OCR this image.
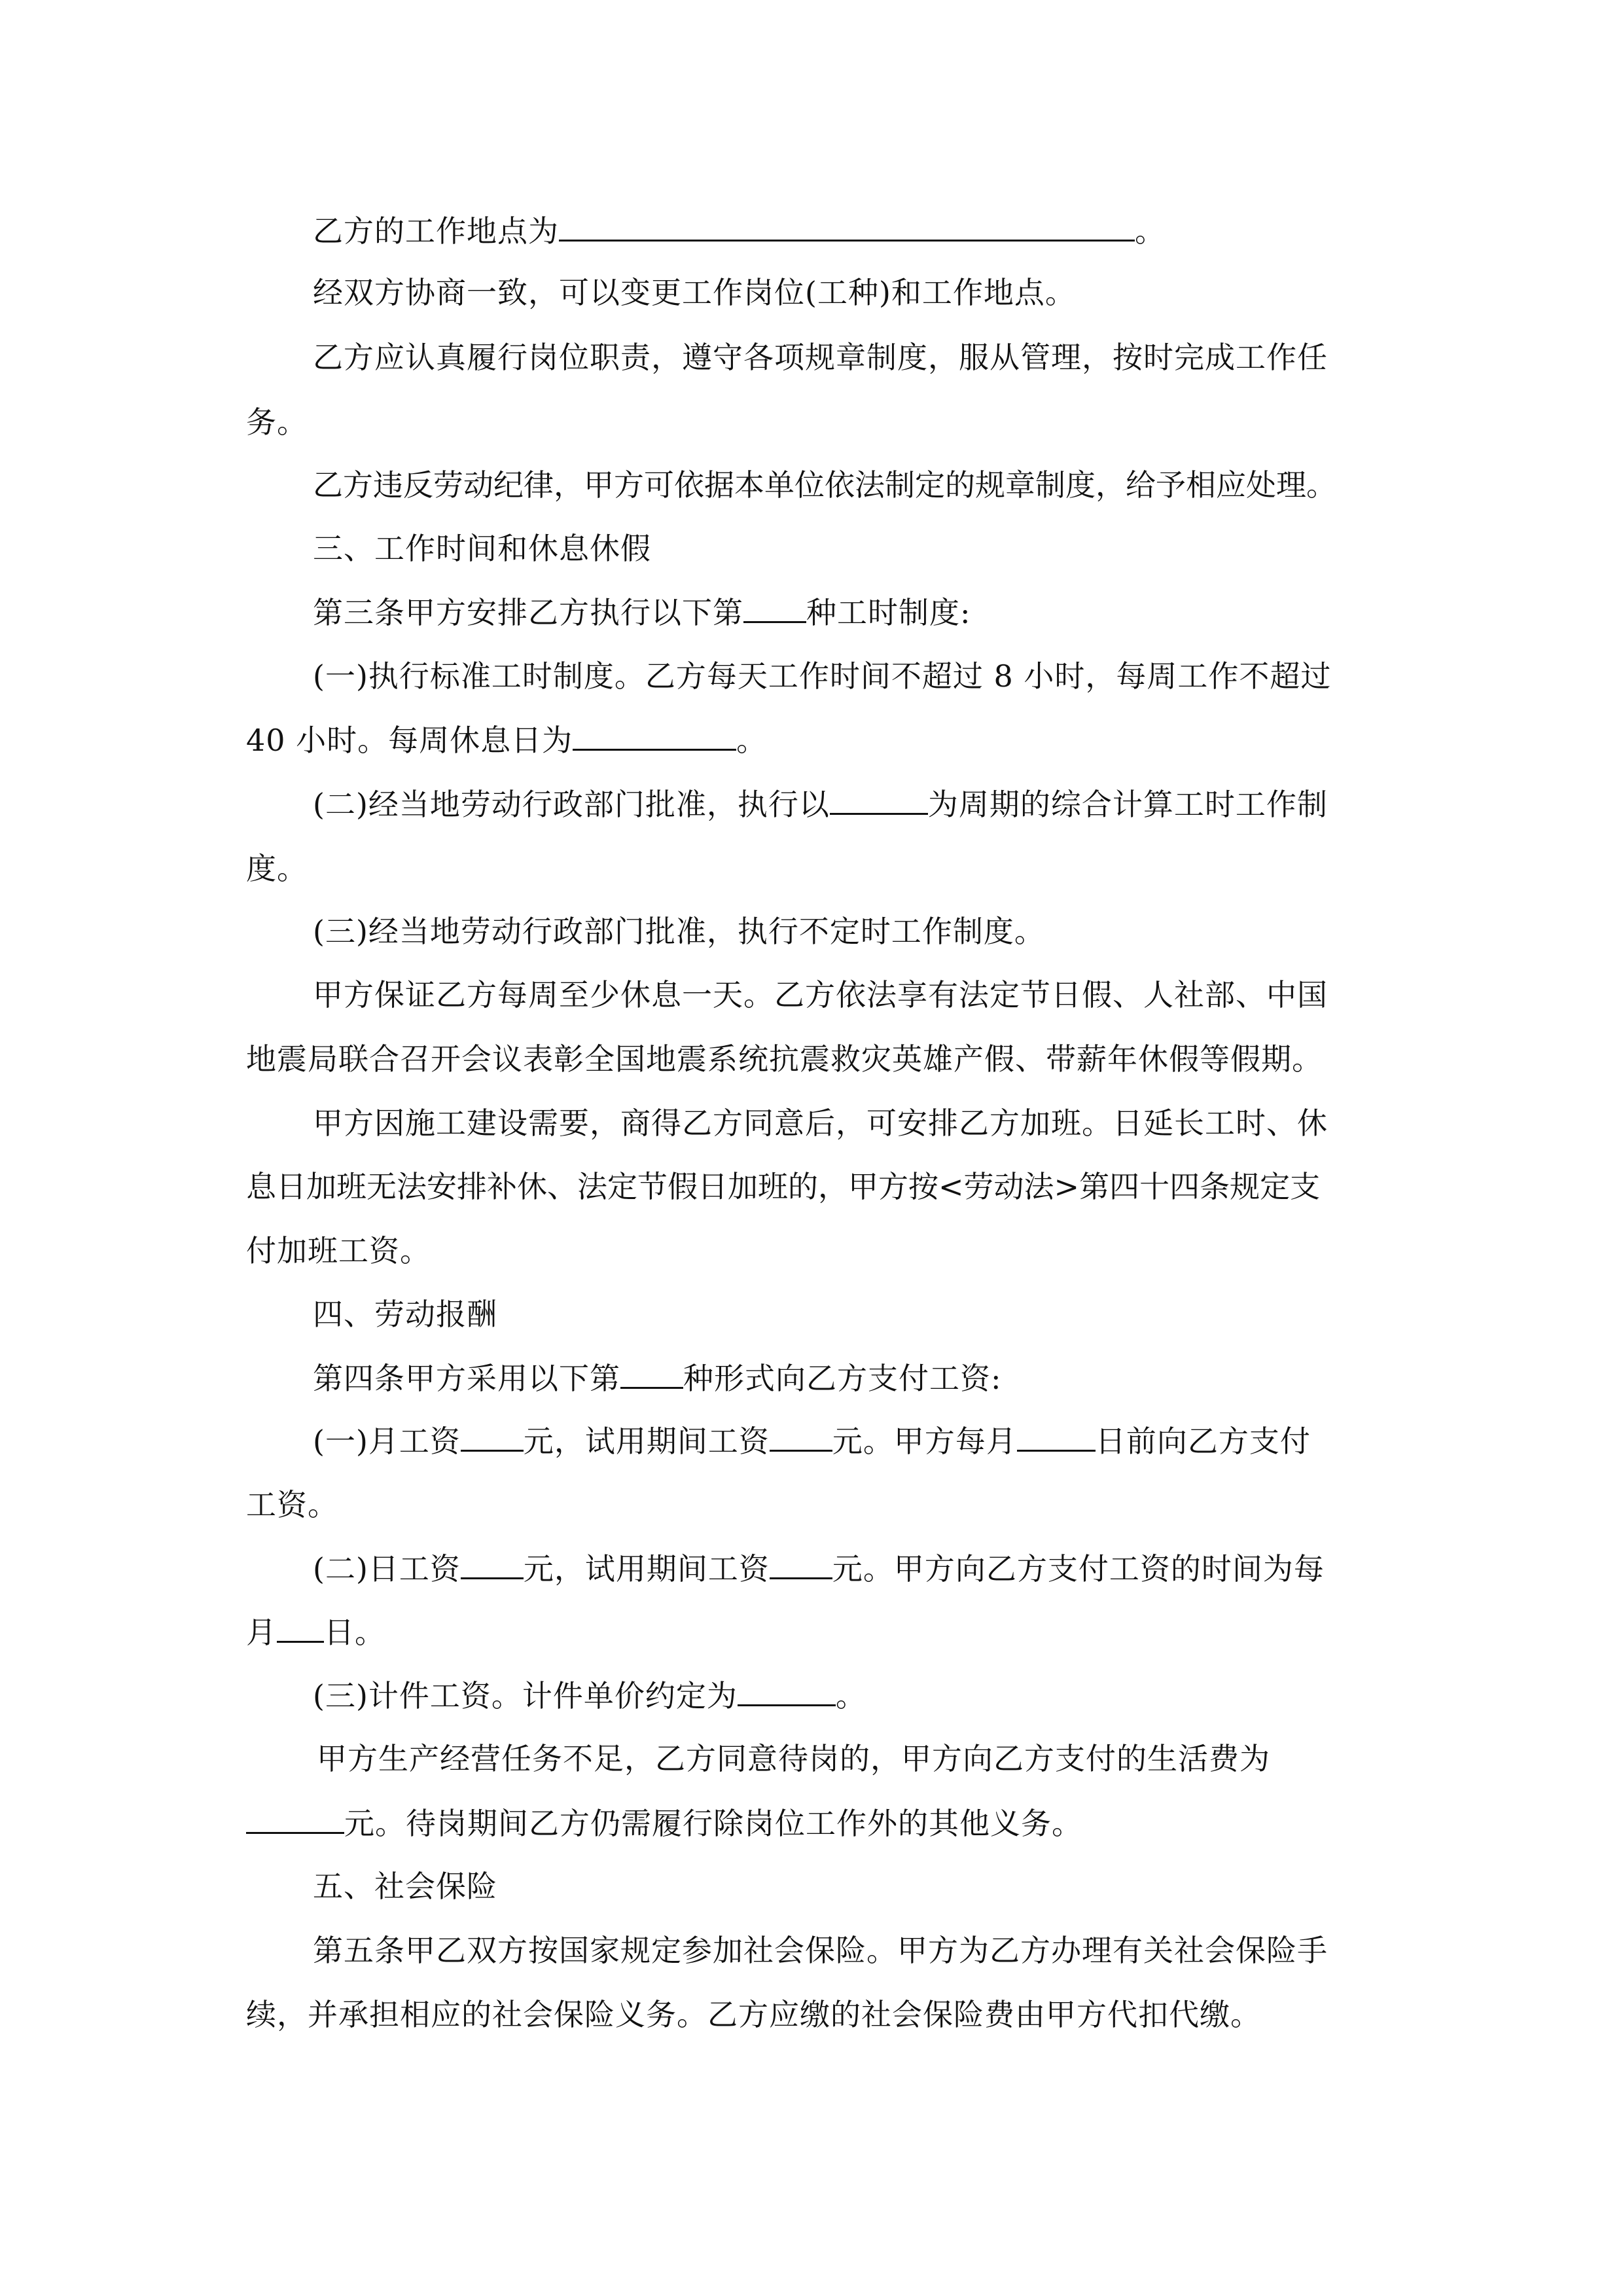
乙方的工作地点为	。
经双方协商一致，可以变更工作岗位(工种)和工作地点。
乙方应认真履行岗位职责，遵守各项规章制度，服从管理，按时完成工作任
务。
乙方违反劳动纪律，甲方可依据本单位依法制定的规章制度，给予相应处理。
三、工作时间和休息休假
第三条甲方安排乙方执行以下第 种工时制度:
(一)执行标准工时制度。乙方每天工作时间不超过 8 小时，每周工作不超过
40 小时。每周休息日为	。
(二)经当地劳动行政部门批准，执行以	为周期的综合计算工时工作制
度。
(三)经当地劳动行政部门批准，执行不定时工作制度。
甲方保证乙方每周至少休息一天。乙方依法享有法定节日假、人社部、中国
地震局联合召开会议表彰全国地震系统抗震救灾英雄产假、带薪年休假等假期。
甲方因施工建设需要，商得乙方同意后，可安排乙方加班。日延长工时、休
息日加班无法安排补休、法定节假日加班的，甲方按<劳动法>第四十四条规定支
付加班工资。
四、劳动报酬
第四条甲方采用以下第 种形式向乙方支付工资:
(一)月工资 元，试用期间工资 元。甲方每月	日前向乙方支付
工资。
(二)日工资 元，试用期间工资 元。甲方向乙方支付工资的时间为每
月 日。
(三)计件工资。计件单价约定为	。
甲方生产经营任务不足，乙方同意待岗的，甲方向乙方支付的生活费为
元。待岗期间乙方仍需履行除岗位工作外的其他义务。
五、社会保险
第五条甲乙双方按国家规定参加社会保险。甲方为乙方办理有关社会保险手
续，并承担相应的社会保险义务。乙方应缴的社会保险费由甲方代扣代缴。
